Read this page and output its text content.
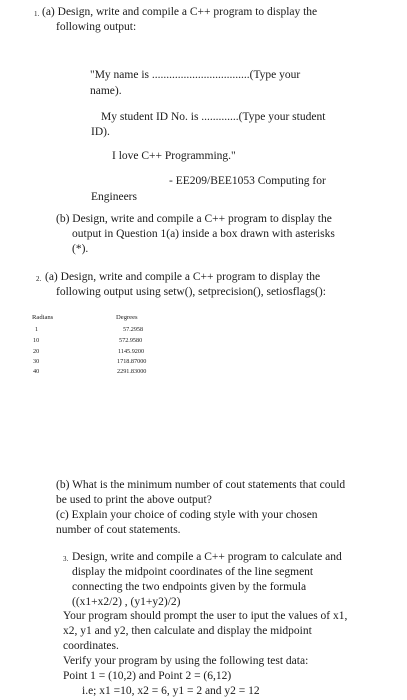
1. (a) Design, write and compile a C++ program to display the
following output:
"My name is ..................................(Type your
name).
My student ID No. is .............(Type your student
ID).
I love C++ Programming."
- EE209/BEE1053 Computing for
Engineers
(b) Design, write and compile a C++ program to display the
output in Question 1(a) inside a box drawn with asterisks
(*).
2. (a) Design, write and compile a C++ program to display the
following output using setw(), setprecision(), setiosflags():
Radians	Degrees
1	57.2958
10	572.9580
20	1145.9200
30	1718.87000
40	2291.83000
(b) What is the minimum number of cout statements that could
be used to print the above output?
(c) Explain your choice of coding style with your chosen
number of cout statements.
3. Design, write and compile a C++ program to calculate and
display the midpoint coordinates of the line segment
connecting the two endpoints given by the formula
((x1+x2/2) , (y1+y2)/2)
Your program should prompt the user to iput the values of x1,
x2, y1 and y2, then calculate and display the midpoint
coordinates.
Verify your program by using the following test data:
Point 1 = (10,2) and Point 2 = (6,12)
i.e; x1 =10, x2 = 6, y1 = 2 and y2 = 12
